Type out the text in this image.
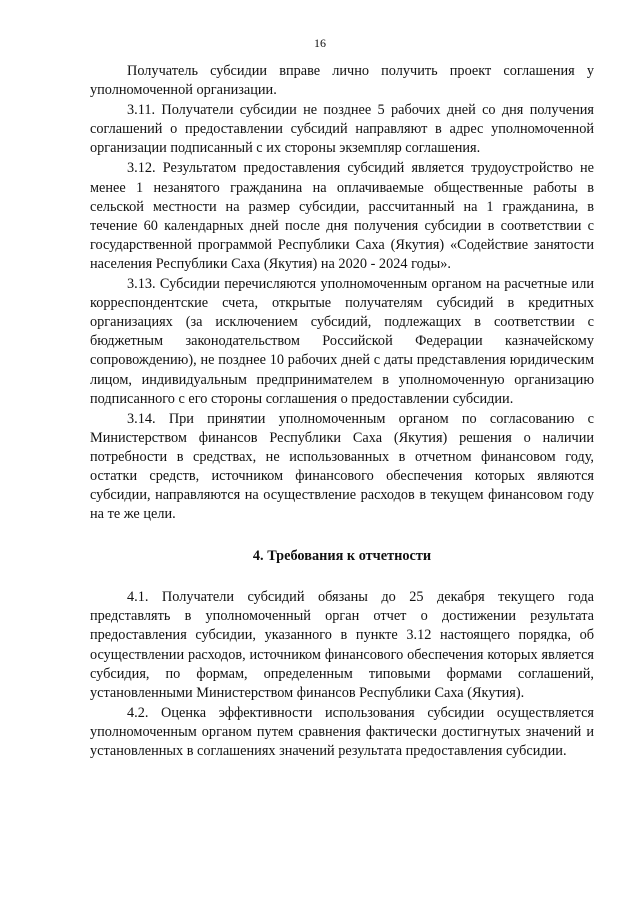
16

Получатель субсидии вправе лично получить проект соглашения у уполномоченной организации.

3.11. Получатели субсидии не позднее 5 рабочих дней со дня получения соглашений о предоставлении субсидий направляют в адрес уполномоченной организации подписанный с их стороны экземпляр соглашения.

3.12. Результатом предоставления субсидий является трудоустройство не менее 1 незанятого гражданина на оплачиваемые общественные работы в сельской местности на размер субсидии, рассчитанный на 1 гражданина, в течение 60 календарных дней после дня получения субсидии в соответствии с государственной программой Республики Саха (Якутия) «Содействие занятости населения Республики Саха (Якутия) на 2020 - 2024 годы».

3.13. Субсидии перечисляются уполномоченным органом на расчетные или корреспондентские счета, открытые получателям субсидий в кредитных организациях (за исключением субсидий, подлежащих в соответствии с бюджетным законодательством Российской Федерации казначейскому сопровождению), не позднее 10 рабочих дней с даты представления юридическим лицом, индивидуальным предпринимателем в уполномоченную организацию подписанного с его стороны соглашения о предоставлении субсидии.

3.14. При принятии уполномоченным органом по согласованию с Министерством финансов Республики Саха (Якутия) решения о наличии потребности в средствах, не использованных в отчетном финансовом году, остатки средств, источником финансового обеспечения которых являются субсидии, направляются на осуществление расходов в текущем финансовом году на те же цели.

4. Требования к отчетности

4.1. Получатели субсидий обязаны до 25 декабря текущего года представлять в уполномоченный орган отчет о достижении результата предоставления субсидии, указанного в пункте 3.12 настоящего порядка, об осуществлении расходов, источником финансового обеспечения которых является субсидия, по формам, определенным типовыми формами соглашений, установленными Министерством финансов Республики Саха (Якутия).

4.2. Оценка эффективности использования субсидии осуществляется уполномоченным органом путем сравнения фактически достигнутых значений и установленных в соглашениях значений результата предоставления субсидии.
